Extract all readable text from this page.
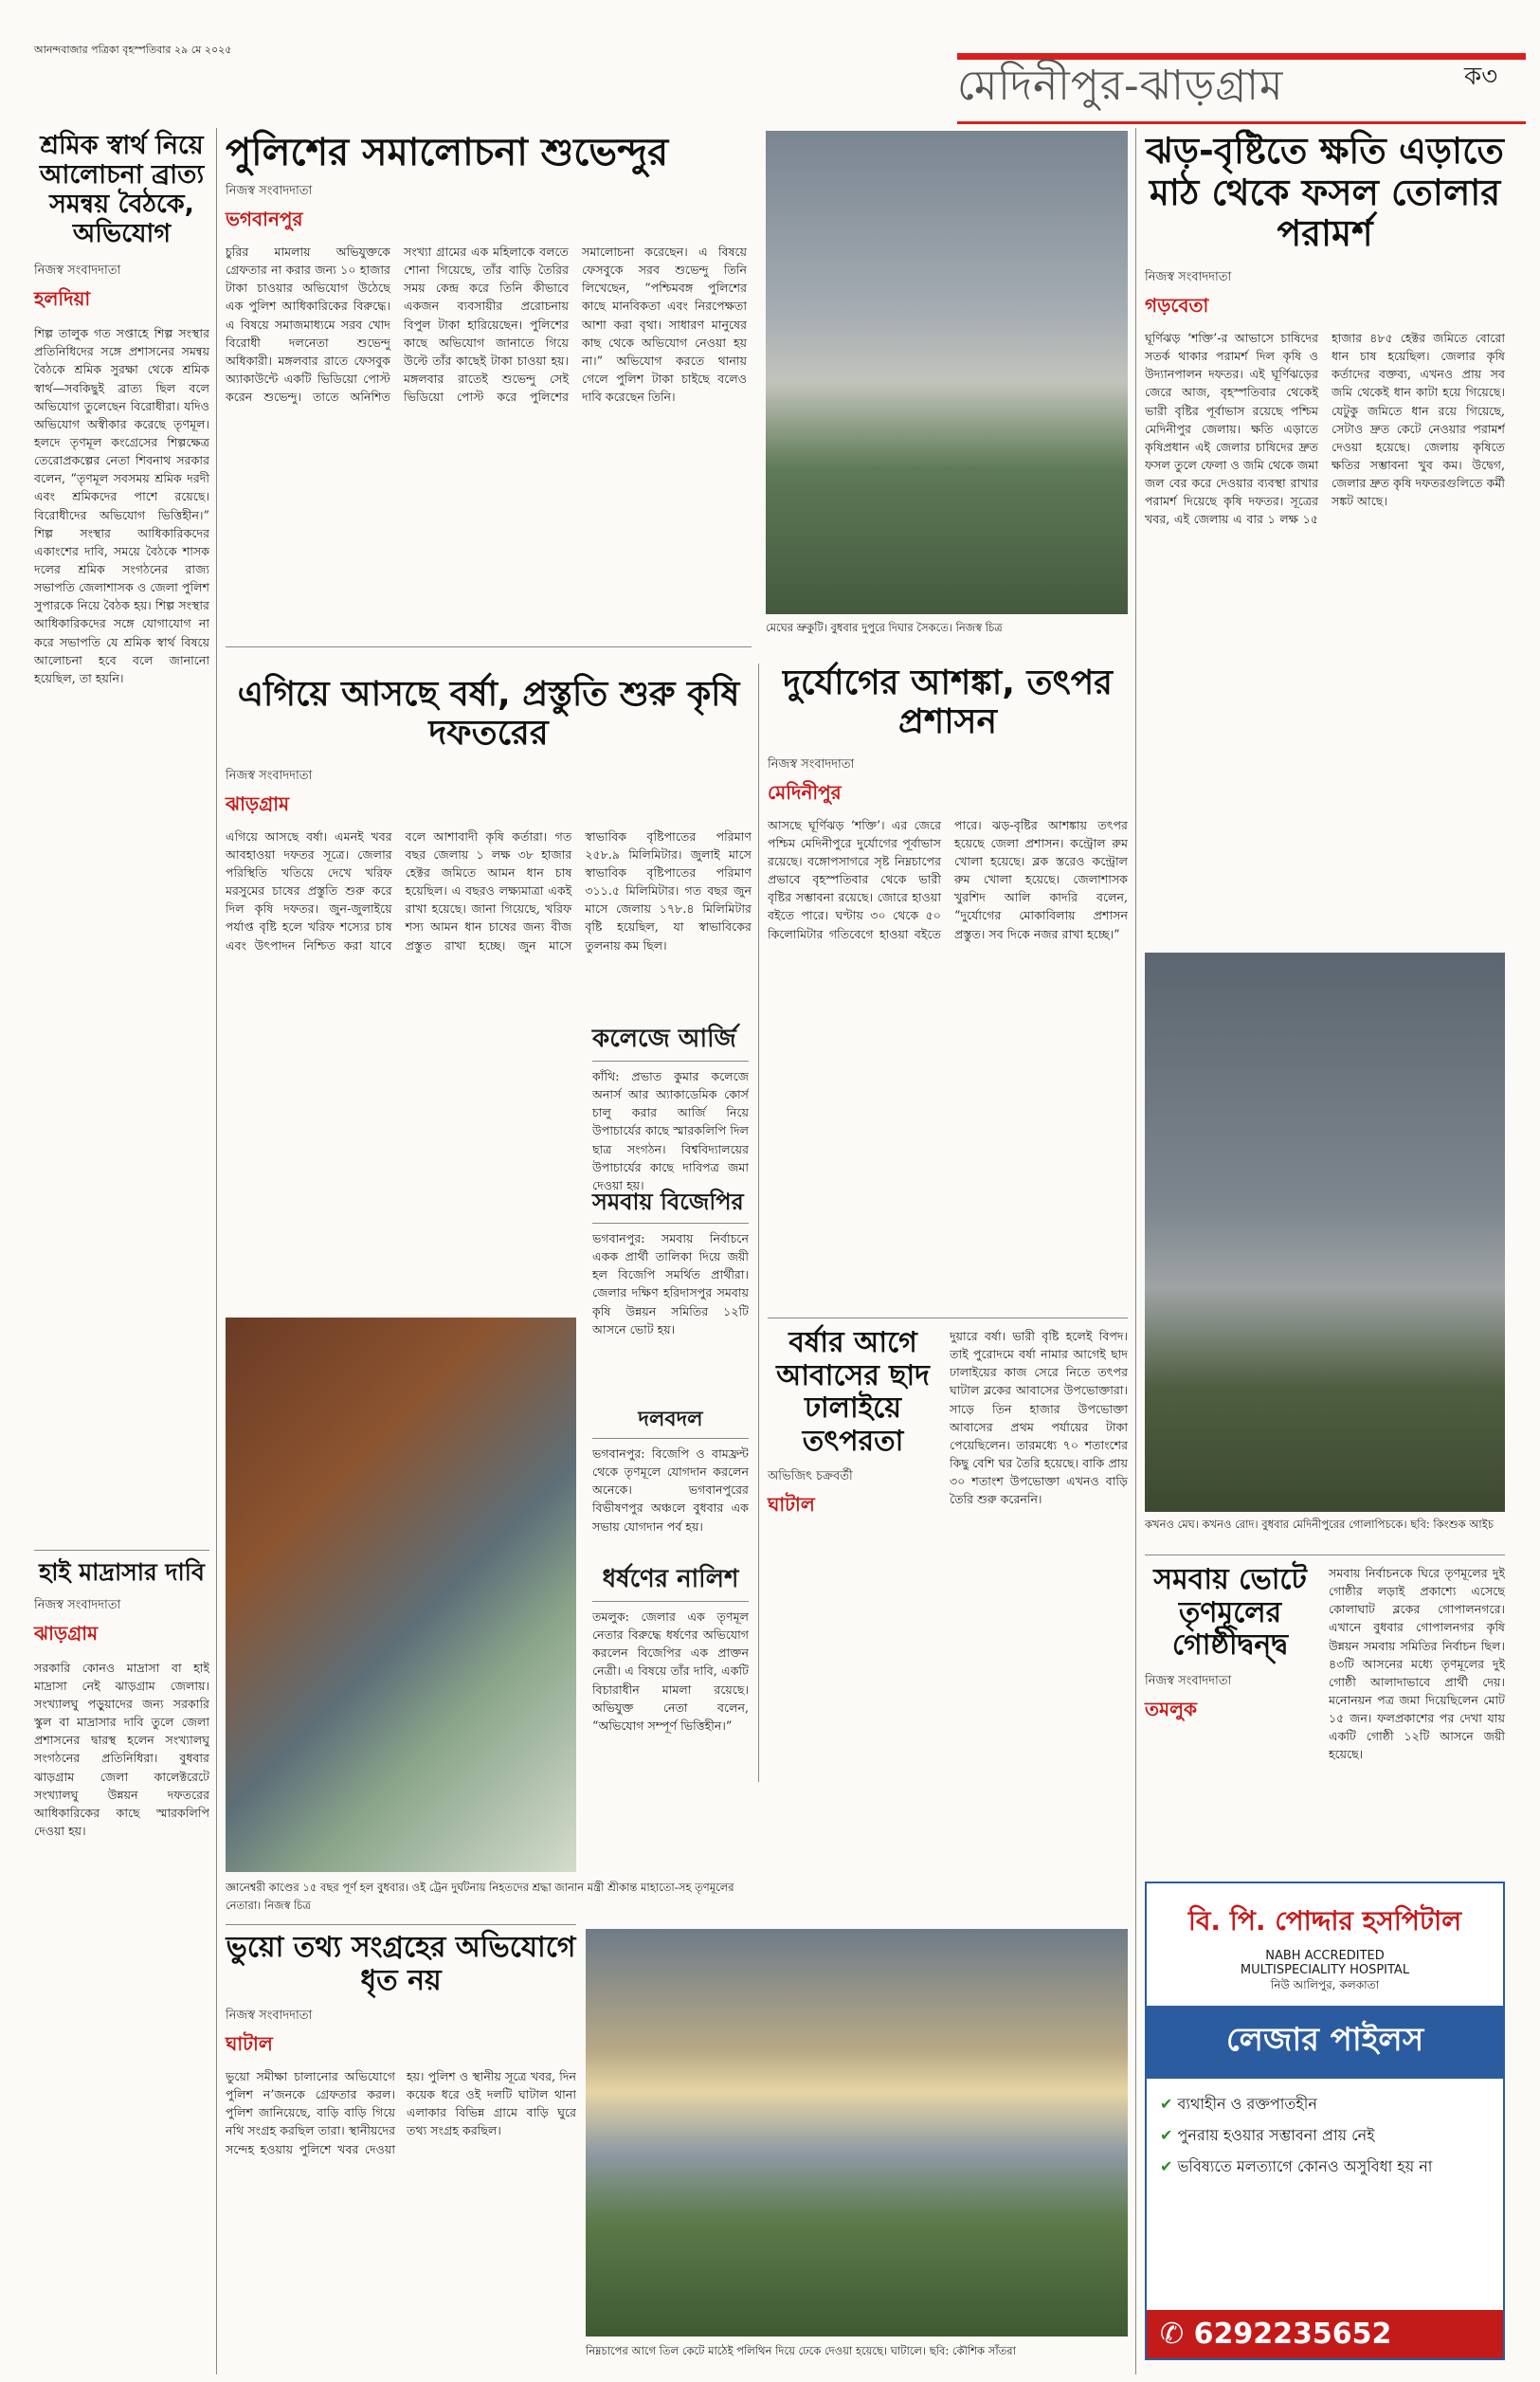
আনন্দবাজার পত্রিকা বৃহস্পতিবার ২৯ মে ২০২৫
মেদিনীপুর-ঝাড়গ্রাম	ক৩
শ্রমিক স্বার্থ নিয়ে আলোচনা ব্রাত্য সমন্বয় বৈঠকে, অভিযোগ
নিজস্ব সংবাদদাতা
হলদিয়া

শিল্প তালুক গত সপ্তাহে শিল্প সংস্থার প্রতিনিধিদের সঙ্গে প্রশাসনের সমন্বয় বৈঠকে শ্রমিক সুরক্ষা থেকে শ্রমিক স্বার্থ—সবকিছুই ব্রাত্য ছিল বলে অভিযোগ তুলেছেন বিরোধীরা। যদিও অভিযোগ অস্বীকার করেছে তৃণমূল। হলদে তৃণমূল কংগ্রেসের শিল্পক্ষেত্র তেরোপ্রকল্পের নেতা শিবনাথ সরকার বলেন, “তৃণমূল সবসময় শ্রমিক দরদী এবং শ্রমিকদের পাশে রয়েছে। বিরোধীদের অভিযোগ ভিত্তিহীন।” শিল্প সংস্থার আধিকারিকদের একাংশের দাবি, সময়ে বৈঠকে শাসক দলের শ্রমিক সংগঠনের রাজ্য সভাপতি জেলাশাসক ও জেলা পুলিশ সুপারকে নিয়ে বৈঠক হয়। শিল্প সংস্থার আধিকারিকদের সঙ্গে যোগাযোগ না করে সভাপতি যে শ্রমিক স্বার্থ বিষয়ে আলোচনা হবে বলে জানানো হয়েছিল, তা হয়নি।

হাই মাদ্রাসার দাবি
নিজস্ব সংবাদদাতা
ঝাড়গ্রাম

সরকারি কোনও মাদ্রাসা বা হাই মাদ্রাসা নেই ঝাড়গ্রাম জেলায়। সংখ্যালঘু পড়ুয়াদের জন্য সরকারি স্কুল বা মাদ্রাসার দাবি তুলে জেলা প্রশাসনের দ্বারস্থ হলেন সংখ্যালঘু সংগঠনের প্রতিনিধিরা। বুধবার ঝাড়গ্রাম জেলা কালেক্টরেটে সংখ্যালঘু উন্নয়ন দফতরের আধিকারিকের কাছে স্মারকলিপি দেওয়া হয়।

পুলিশের সমালোচনা শুভেন্দুর
নিজস্ব সংবাদদাতা
ভগবানপুর

চুরির মামলায় অভিযুক্তকে গ্রেফতার না করার জন্য ১০ হাজার টাকা চাওয়ার অভিযোগ উঠেছে এক পুলিশ আধিকারিকের বিরুদ্ধে। এ বিষয়ে সমাজমাধ্যমে সরব খোদ বিরোধী দলনেতা শুভেন্দু অধিকারী। মঙ্গলবার রাতে ফেসবুক অ্যাকাউন্টে একটি ভিডিয়ো পোস্ট করেন শুভেন্দু। তাতে অনিশিত সংখ্যা গ্রামের এক মহিলাকে বলতে শোনা গিয়েছে, তাঁর বাড়ি তৈরির সময় কেন্দ্র করে তিনি কীভাবে একজন ব্যবসায়ীর প্ররোচনায় বিপুল টাকা হারিয়েছেন। পুলিশের কাছে অভিযোগ জানাতে গিয়ে উল্টে তাঁর কাছেই টাকা চাওয়া হয়। মঙ্গলবার রাতেই শুভেন্দু সেই ভিডিয়ো পোস্ট করে পুলিশের সমালোচনা করেছেন। এ বিষয়ে ফেসবুকে সরব শুভেন্দু তিনি লিখেছেন, “পশ্চিমবঙ্গ পুলিশের কাছে মানবিকতা এবং নিরপেক্ষতা আশা করা বৃথা। সাধারণ মানুষের কাছ থেকে অভিযোগ নেওয়া হয় না।” অভিযোগ করতে থানায় গেলে পুলিশ টাকা চাইছে বলেও দাবি করেছেন তিনি।

মেঘের ভ্রুকুটি। বুধবার দুপুরে দিঘার সৈকতে। নিজস্ব চিত্র
ঝড়-বৃষ্টিতে ক্ষতি এড়াতে মাঠ থেকে ফসল তোলার পরামর্শ
নিজস্ব সংবাদদাতা
গড়বেতা

ঘূর্ণিঝড় ‘শক্তি’-র আভাসে চাষিদের সতর্ক থাকার পরামর্শ দিল কৃষি ও উদ্যানপালন দফতর। এই ঘূর্ণিঝড়ের জেরে আজ, বৃহস্পতিবার থেকেই ভারী বৃষ্টির পূর্বাভাস রয়েছে পশ্চিম মেদিনীপুর জেলায়। ক্ষতি এড়াতে কৃষিপ্রধান এই জেলার চাষিদের দ্রুত ফসল তুলে ফেলা ও জমি থেকে জমা জল বের করে দেওয়ার ব্যবস্থা রাখার পরামর্শ দিয়েছে কৃষি দফতর। সূত্রের খবর, এই জেলায় এ বার ১ লক্ষ ১৫ হাজার ৪৮৫ হেক্টর জমিতে বোরো ধান চাষ হয়েছিল। জেলার কৃষি কর্তাদের বক্তব্য, এখনও প্রায় সব জমি থেকেই ধান কাটা হয়ে গিয়েছে। যেটুকু জমিতে ধান রয়ে গিয়েছে, সেটাও দ্রুত কেটে নেওয়ার পরামর্শ দেওয়া হয়েছে। জেলায় কৃষিতে ক্ষতির সম্ভাবনা খুব কম। উদ্বেগ, জেলার দ্রুত কৃষি দফতরগুলিতে কর্মী সঙ্কট আছে।

কখনও মেঘ। কখনও রোদ। বুধবার মেদিনীপুরের গোলাপিচকে। ছবি: কিংশুক আইচ
সমবায় ভোটে তৃণমূলের গোষ্ঠীদ্বন্দ্ব
নিজস্ব সংবাদদাতা
তমলুক

সমবায় নির্বাচনকে ঘিরে তৃণমূলের দুই গোষ্ঠীর লড়াই প্রকাশ্যে এসেছে কোলাঘাট ব্লকের গোপালনগরে। এখানে বুধবার গোপালনগর কৃষি উন্নয়ন সমবায় সমিতির নির্বাচন ছিল। ৪৩টি আসনের মধ্যে তৃণমূলের দুই গোষ্ঠী আলাদাভাবে প্রার্থী দেয়। মনোনয়ন পত্র জমা দিয়েছিলেন মোট ১৫ জন। ফলপ্রকাশের পর দেখা যায় একটি গোষ্ঠী ১২টি আসনে জয়ী হয়েছে।

বি. পি. পোদ্দার হসপিটাল
NABH ACCREDITED
MULTISPECIALITY HOSPITAL
নিউ আলিপুর, কলকাতা
লেজার পাইলস
✔ ব্যথাহীন ও রক্তপাতহীন
✔ পুনরায় হওয়ার সম্ভাবনা প্রায় নেই
✔ ভবিষ্যতে মলত্যাগে কোনও অসুবিধা হয় না
✆ 6292235652
এগিয়ে আসছে বর্ষা, প্রস্তুতি শুরু কৃষি দফতরের
নিজস্ব সংবাদদাতা
ঝাড়গ্রাম

এগিয়ে আসছে বর্ষা। এমনই খবর আবহাওয়া দফতর সূত্রে। জেলার পরিস্থিতি খতিয়ে দেখে খরিফ মরসুমের চাষের প্রস্তুতি শুরু করে দিল কৃষি দফতর। জুন-জুলাইয়ে পর্যাপ্ত বৃষ্টি হলে খরিফ শস্যের চাষ এবং উৎপাদন নিশ্চিত করা যাবে বলে আশাবাদী কৃষি কর্তারা। গত বছর জেলায় ১ লক্ষ ৩৮ হাজার হেক্টর জমিতে আমন ধান চাষ হয়েছিল। এ বছরও লক্ষ্যমাত্রা একই রাখা হয়েছে। জানা গিয়েছে, খরিফ শস্য আমন ধান চাষের জন্য বীজ প্রস্তুত রাখা হচ্ছে। জুন মাসে স্বাভাবিক বৃষ্টিপাতের পরিমাণ ২৫৮.৯ মিলিমিটার। জুলাই মাসে স্বাভাবিক বৃষ্টিপাতের পরিমাণ ৩১১.৫ মিলিমিটার। গত বছর জুন মাসে জেলায় ১৭৮.৪ মিলিমিটার বৃষ্টি হয়েছিল, যা স্বাভাবিকের তুলনায় কম ছিল।

জ্ঞানেশ্বরী কাণ্ডের ১৫ বছর পূর্ণ হল বুধবার। ওই ট্রেন দুর্ঘটনায় নিহতদের শ্রদ্ধা জানান মন্ত্রী শ্রীকান্ত মাহাতো-সহ তৃণমূলের নেতারা। নিজস্ব চিত্র
কলেজে আর্জি

কাঁথি: প্রভাত কুমার কলেজে অনার্স আর অ্যাকাডেমিক কোর্স চালু করার আর্জি নিয়ে উপাচার্যের কাছে স্মারকলিপি দিল ছাত্র সংগঠন। বিশ্ববিদ্যালয়ের উপাচার্যের কাছে দাবিপত্র জমা দেওয়া হয়।

সমবায় বিজেপির

ভগবানপুর: সমবায় নির্বাচনে একক প্রার্থী তালিকা দিয়ে জয়ী হল বিজেপি সমর্থিত প্রার্থীরা। জেলার দক্ষিণ হরিদাসপুর সমবায় কৃষি উন্নয়ন সমিতির ১২টি আসনে ভোট হয়।

দলবদল

ভগবানপুর: বিজেপি ও বামফ্রন্ট থেকে তৃণমূলে যোগদান করলেন অনেকে। ভগবানপুরের বিভীষণপুর অঞ্চলে বুধবার এক সভায় যোগদান পর্ব হয়।

ধর্ষণের নালিশ

তমলুক: জেলার এক তৃণমূল নেতার বিরুদ্ধে ধর্ষণের অভিযোগ করলেন বিজেপির এক প্রাক্তন নেত্রী। এ বিষয়ে তাঁর দাবি, একটি বিচারাধীন মামলা রয়েছে। অভিযুক্ত নেতা বলেন, “অভিযোগ সম্পূর্ণ ভিত্তিহীন।”

দুর্যোগের আশঙ্কা, তৎপর প্রশাসন
নিজস্ব সংবাদদাতা
মেদিনীপুর

আসছে ঘূর্ণিঝড় ‘শক্তি’। এর জেরে পশ্চিম মেদিনীপুরে দুর্যোগের পূর্বাভাস রয়েছে। বঙ্গোপসাগরে সৃষ্ট নিম্নচাপের প্রভাবে বৃহস্পতিবার থেকে ভারী বৃষ্টির সম্ভাবনা রয়েছে। জোরে হাওয়া বইতে পারে। ঘণ্টায় ৩০ থেকে ৫০ কিলোমিটার গতিবেগে হাওয়া বইতে পারে। ঝড়-বৃষ্টির আশঙ্কায় তৎপর হয়েছে জেলা প্রশাসন। কন্ট্রোল রুম খোলা হয়েছে। ব্লক স্তরেও কন্ট্রোল রুম খোলা হয়েছে। জেলাশাসক খুরশিদ আলি কাদরি বলেন, “দুর্যোগের মোকাবিলায় প্রশাসন প্রস্তুত। সব দিকে নজর রাখা হচ্ছে।”

বর্ষার আগে আবাসের ছাদ ঢালাইয়ে তৎপরতা
অভিজিৎ চক্রবর্তী
ঘাটাল

দুয়ারে বর্ষা। ভারী বৃষ্টি হলেই বিপদ। তাই পুরোদমে বর্ষা নামার আগেই ছাদ ঢালাইয়ের কাজ সেরে নিতে তৎপর ঘাটাল ব্লকের আবাসের উপভোক্তারা। সাড়ে তিন হাজার উপভোক্তা আবাসের প্রথম পর্যায়ের টাকা পেয়েছিলেন। তারমধ্যে ৭০ শতাংশের কিছু বেশি ঘর তৈরি হয়েছে। বাকি প্রায় ৩০ শতাংশ উপভোক্তা এখনও বাড়ি তৈরি শুরু করেননি।

ভুয়ো তথ্য সংগ্রহের অভিযোগে ধৃত নয়
নিজস্ব সংবাদদাতা
ঘাটাল

ভুয়ো সমীক্ষা চালানোর অভিযোগে পুলিশ ন’জনকে গ্রেফতার করল। পুলিশ জানিয়েছে, বাড়ি বাড়ি গিয়ে নথি সংগ্রহ করছিল তারা। স্থানীয়দের সন্দেহ হওয়ায় পুলিশে খবর দেওয়া হয়। পুলিশ ও স্থানীয় সূত্রে খবর, দিন কয়েক ধরে ওই দলটি ঘাটাল থানা এলাকার বিভিন্ন গ্রামে বাড়ি ঘুরে তথ্য সংগ্রহ করছিল।

নিম্নচাপের আগে তিল কেটে মাঠেই পলিথিন দিয়ে ঢেকে দেওয়া হয়েছে। ঘাটালে। ছবি: কৌশিক সাঁতরা
